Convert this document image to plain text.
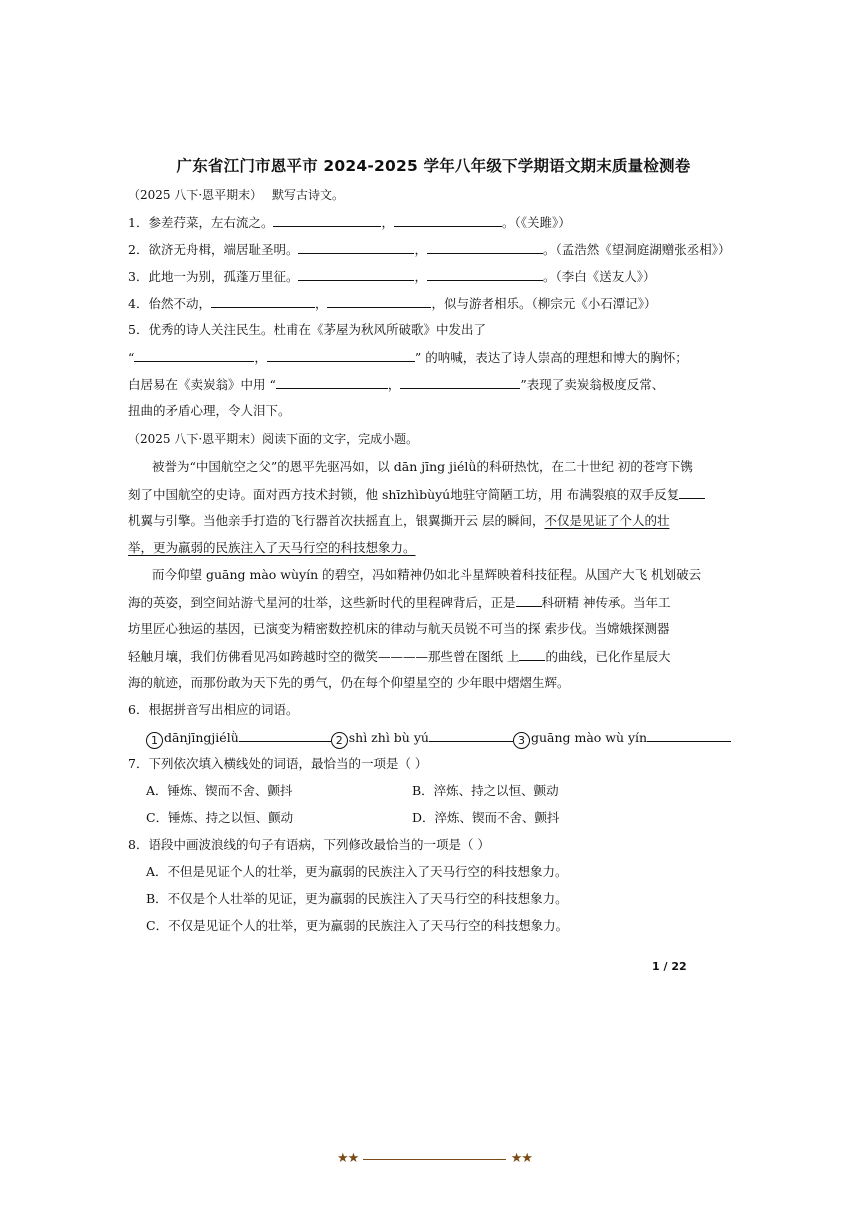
广东省江门市恩平市 2024-2025 学年八年级下学期语文期末质量检测卷
（2025 八下·恩平期末） 默写古诗文。
1．参差荇菜，左右流之。	，	。（《关雎》）
2．欲济无舟楫，端居耻圣明。	，	。（孟浩然《望洞庭湖赠张丞相》）
3．此地一为别，孤蓬万里征。	，	。（李白《送友人》）
4．佁然不动，	，	，似与游者相乐。（柳宗元《小石潭记》）
5．优秀的诗人关注民生。杜甫在《茅屋为秋风所破歌》中发出了
“	，	” 的呐喊，表达了诗人崇高的理想和博大的胸怀；
白居易在《卖炭翁》中用 “	，	”表现了卖炭翁极度反常、
扭曲的矛盾心理，令人泪下。
（2025 八下·恩平期末）阅读下面的文字，完成小题。
被誉为“中国航空之父”的恩平先驱冯如，以 dān jīng jiélǜ的科研热忱，在二十世纪 初的苍穹下镌
刻了中国航空的史诗。面对西方技术封锁，他 shīzhìbùyú地驻守简陋工坊，用 布满裂痕的双手反复
机翼与引擎。当他亲手打造的飞行器首次扶摇直上，银翼撕开云 层的瞬间，不仅是见证了个人的壮
举，更为羸弱的民族注入了天马行空的科技想象力。
而今仰望 guāng mào wùyín 的碧空，冯如精神仍如北斗星辉映着科技征程。从国产大飞 机划破云
海的英姿，到空间站游弋星河的壮举，这些新时代的里程碑背后，正是 科研精 神传承。当年工
坊里匠心独运的基因，已演变为精密数控机床的律动与航天员锐不可当的探 索步伐。当嫦娥探测器
轻触月壤，我们仿佛看见冯如跨越时空的微笑————那些曾在图纸 上 的曲线，已化作星辰大
海的航迹，而那份敢为天下先的勇气，仍在每个仰望星空的 少年眼中熠熠生辉。
6．根据拼音写出相应的词语。
1 dānjīngjiélǜ	2 shì zhì bù yú	3 guāng mào wù yín
7．下列依次填入横线处的词语，最恰当的一项是（ ）
A．锤炼、锲而不舍、颤抖	B．淬炼、持之以恒、颤动
C．锤炼、持之以恒、颤动	D．淬炼、锲而不舍、颤抖
8．语段中画波浪线的句子有语病，下列修改最恰当的一项是（ ）
A．不但是见证个人的壮举，更为羸弱的民族注入了天马行空的科技想象力。
B．不仅是个人壮举的见证，更为羸弱的民族注入了天马行空的科技想象力。
C．不仅是见证个人的壮举，更为羸弱的民族注入了天马行空的科技想象力。
1 / 22
★★	★★
